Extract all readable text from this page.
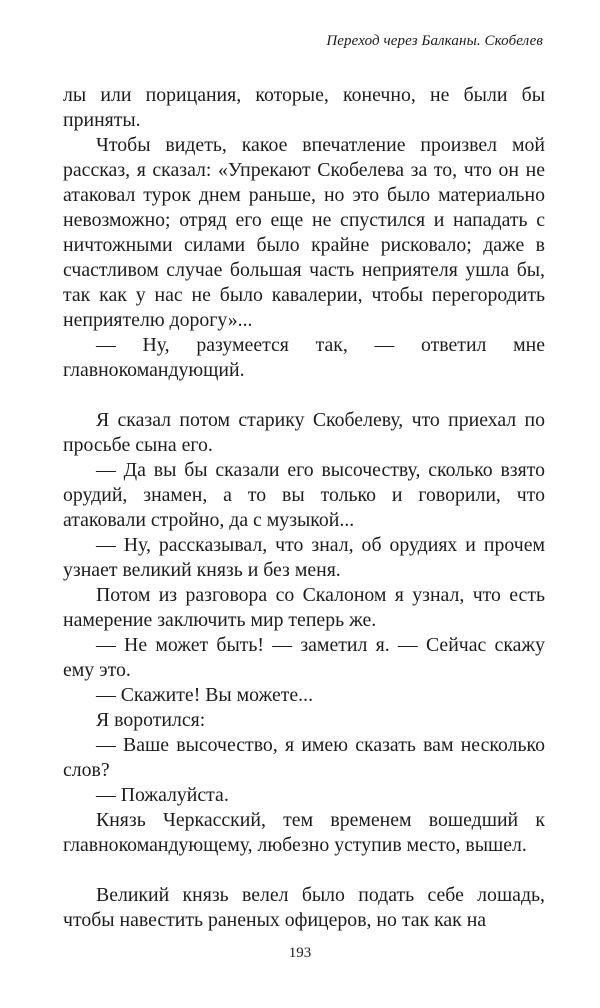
Переход через Балканы. Скобелев

лы или порицания, которые, конечно, не были бы приняты.

Чтобы видеть, какое впечатление произвел мой рассказ, я сказал: «Упрекают Скобелева за то, что он не атаковал турок днем раньше, но это было материально невозможно; отряд его еще не спустился и нападать с ничтожными силами было крайне рисковало; даже в счастливом случае большая часть неприятеля ушла бы, так как у нас не было кавалерии, чтобы перегородить неприятелю дорогу»...

— Ну, разумеется так, — ответил мне главнокомандующий.

Я сказал потом старику Скобелеву, что приехал по просьбе сына его.

— Да вы бы сказали его высочеству, сколько взято орудий, знамен, а то вы только и говорили, что атаковали стройно, да с музыкой...

— Ну, рассказывал, что знал, об орудиях и прочем узнает великий князь и без меня.

Потом из разговора со Скалоном я узнал, что есть намерение заключить мир теперь же.

— Не может быть! — заметил я. — Сейчас скажу ему это.

— Скажите! Вы можете...

Я воротился:

— Ваше высочество, я имею сказать вам несколько слов?

— Пожалуйста.

Князь Черкасский, тем временем вошедший к главнокомандующему, любезно уступив место, вышел.

Великий князь велел было подать себе лошадь, чтобы навестить раненых офицеров, но так как на

193
